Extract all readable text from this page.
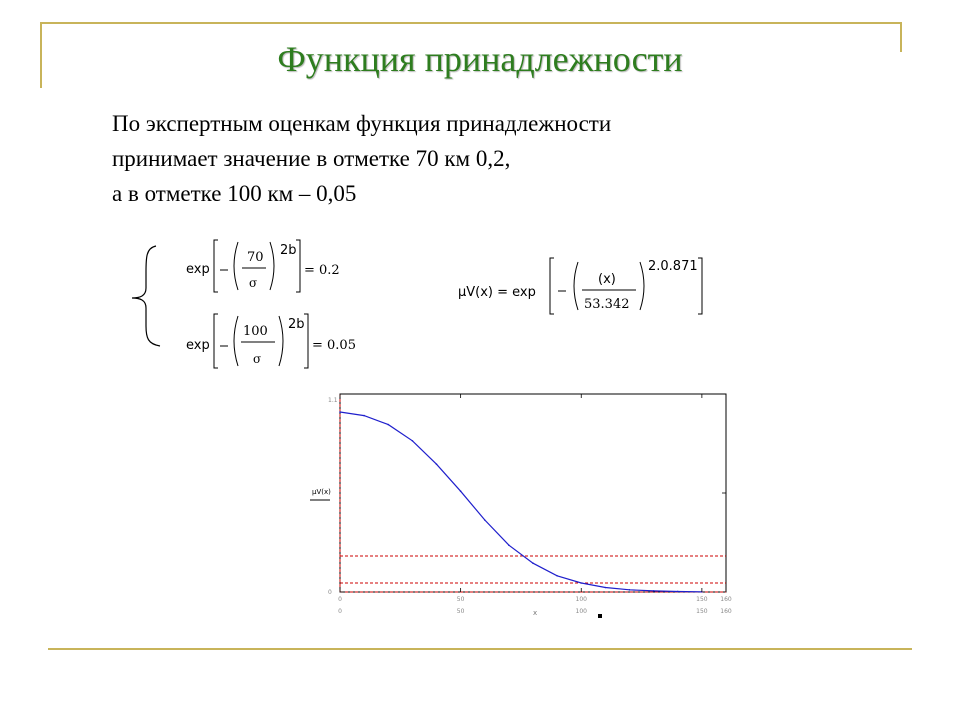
Функция принадлежности
По экспертным оценкам функция принадлежности
принимает значение в отметке 70 км 0,2,
а в отметке 100 км – 0,05
exp
70
σ
2b
= 0.2
exp
100
σ
2b
= 0.05
μV(x) = exp
(x)
53.342
2.0.871
0
0
50
50
100
100
150
150
160
160
1.1
0
μV(x)
x
